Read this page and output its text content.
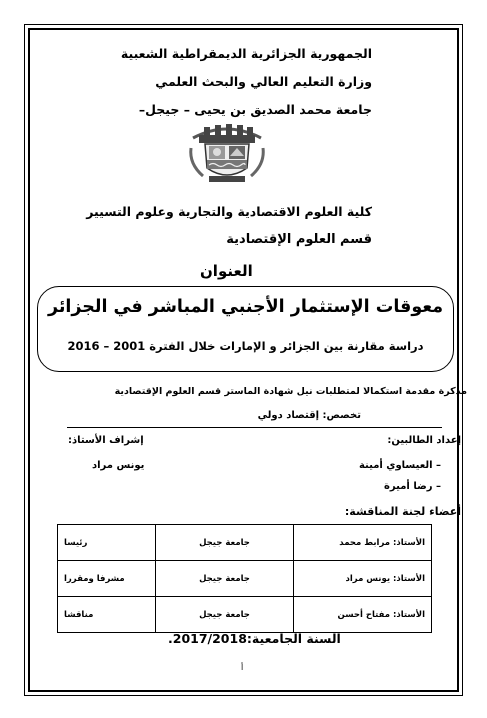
الجمهورية الجزائرية الديمقراطية الشعبية
وزارة التعليم العالي والبحث العلمي
جامعة محمد الصديق بن يحيى – جيجل–
كلية العلوم الاقتصادية والتجارية وعلوم التسيير
قسم العلوم الإقتصادية
العنوان
معوقات الإستثمار الأجنبي المباشر في الجزائر
دراسة مقارنة بين الجزائر و الإمارات خلال الفترة 2001 – 2016
مذكرة مقدمة استكمالا لمتطلبات نيل شهادة الماستر قسم العلوم الإقتصادية
تخصص: إقتصاد دولي
إعداد الطالبين:
إشراف الأستاذ:
– العيساوي أمينة
يونس مراد
– رضا أميرة
أعضاء لجنة المناقشة:
الأستاذ: مرابط محمد	جامعة جيجل	رئيسا
الأستاذ: يونس مراد	جامعة جيجل	مشرفا ومقررا
الأستاذ: مفتاح أحسن	جامعة جيجل	مناقشا
السنة الجامعية:2017/2018.
أ
